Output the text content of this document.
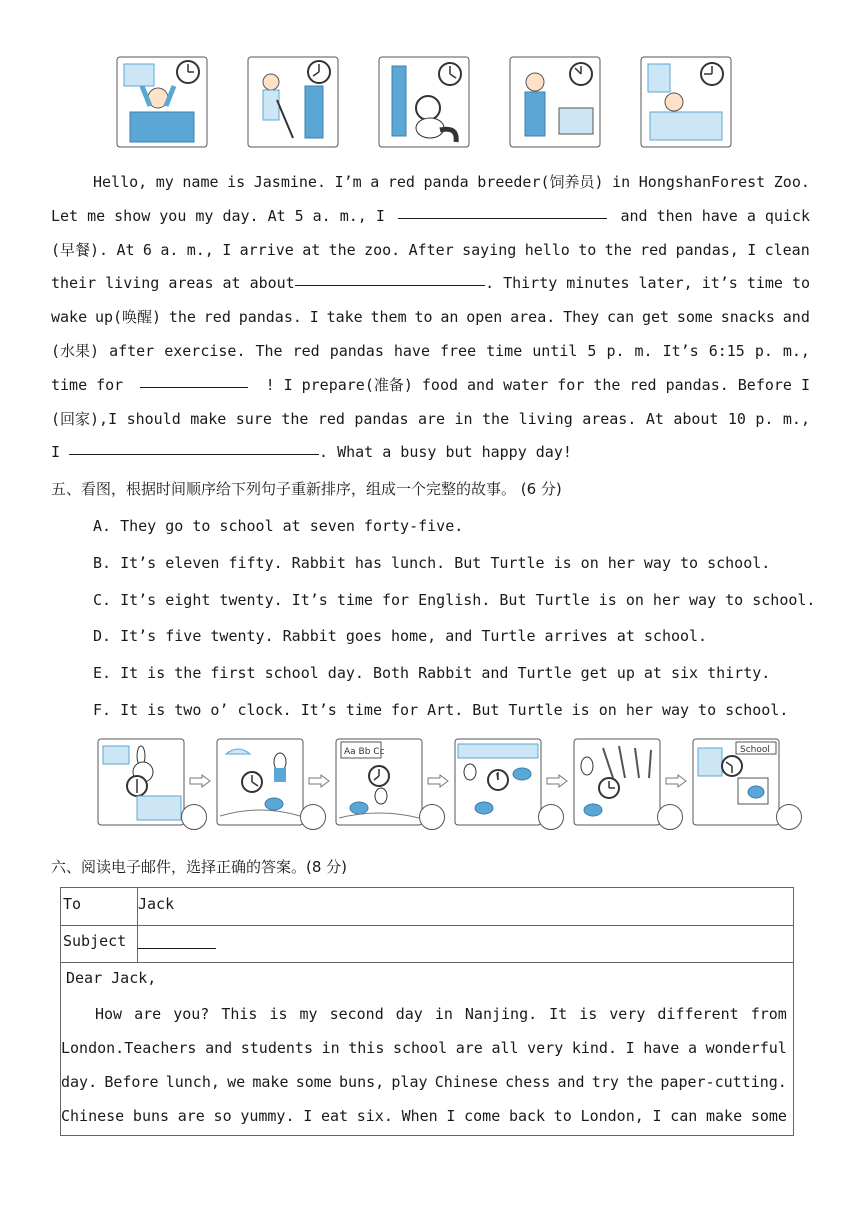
Hello, my name is Jasmine. I’m a red panda breeder(饲养员) in HongshanForest Zoo.
Let me show you my day. At 5 a. m., I	and then have a quick
(早餐). At 6 a. m., I arrive at the zoo. After saying hello to the red pandas, I clean
their living areas at about	. Thirty minutes later, it’s time to
wake up(唤醒) the red pandas. I take them to an open area. They can get some snacks and
(水果) after exercise. The red pandas have free time until 5 p. m. It’s 6:15 p. m.,
time for	! I prepare(准备) food and water for the red pandas. Before I
(回家),I should make sure the red pandas are in the living areas. At about 10 p. m.,
I	. What a busy but happy day!
五、看图，根据时间顺序给下列句子重新排序，组成一个完整的故事。 (6 分)
A. They go to school at seven forty-five.
B. It’s eleven fifty. Rabbit has lunch. But Turtle is on her way to school.
C. It’s eight twenty. It’s time for English. But Turtle is on her way to school.
D. It’s five twenty. Rabbit goes home, and Turtle arrives at school.
E. It is the first school day. Both Rabbit and Turtle get up at six thirty.
F. It is two o’ clock. It’s time for Art. But Turtle is on her way to school.
Aa Bb Cc	School
六、阅读电子邮件，选择正确的答案。(8 分)
To	Jack
Subject
Dear Jack,
How are you? This is my second day in Nanjing. It is very different from
London.Teachers and students in this school are all very kind. I have a wonderful
day. Before lunch, we make some buns, play Chinese chess and try the paper-cutting.
Chinese buns are so yummy. I eat six. When I come back to London, I can make some
